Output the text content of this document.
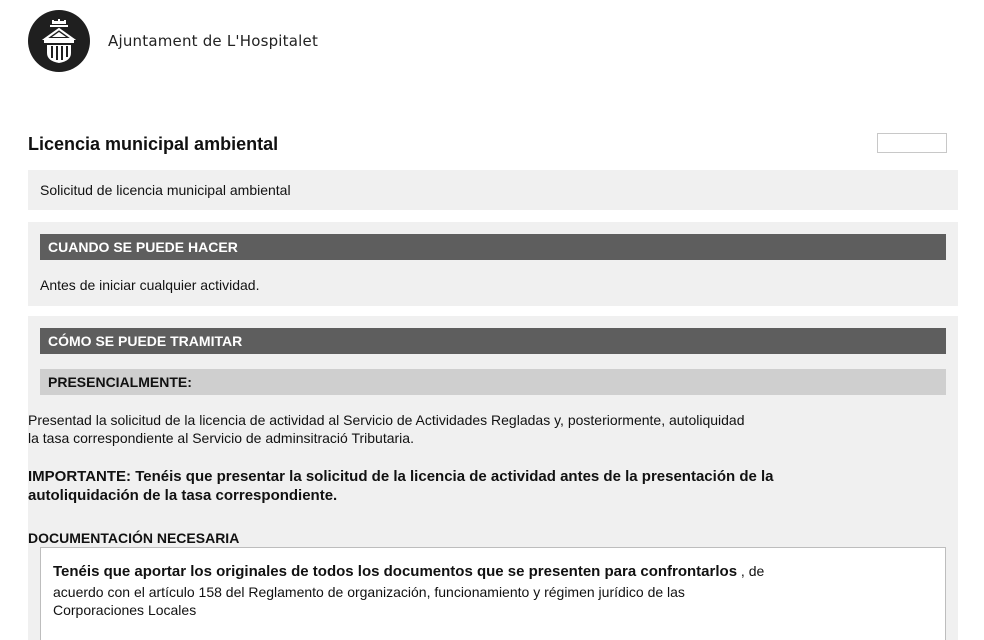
Ajuntament de L'Hospitalet
Licencia municipal ambiental
Solicitud de licencia municipal ambiental
CUANDO SE PUEDE HACER
Antes de iniciar cualquier actividad.
CÓMO SE PUEDE TRAMITAR
PRESENCIALMENTE:
Presentad la solicitud de la licencia de actividad al Servicio de Actividades Regladas y, posteriormente, autoliquidad
la tasa correspondiente al Servicio de adminsitració Tributaria.
IMPORTANTE: Tenéis que presentar la solicitud de la licencia de actividad antes de la presentación de la
autoliquidación de la tasa correspondiente.
DOCUMENTACIÓN NECESARIA
Tenéis que aportar los originales de todos los documentos que se presenten para confrontarlos , de
acuerdo con el artículo 158 del Reglamento de organización, funcionamiento y régimen jurídico de las
Corporaciones Locales
